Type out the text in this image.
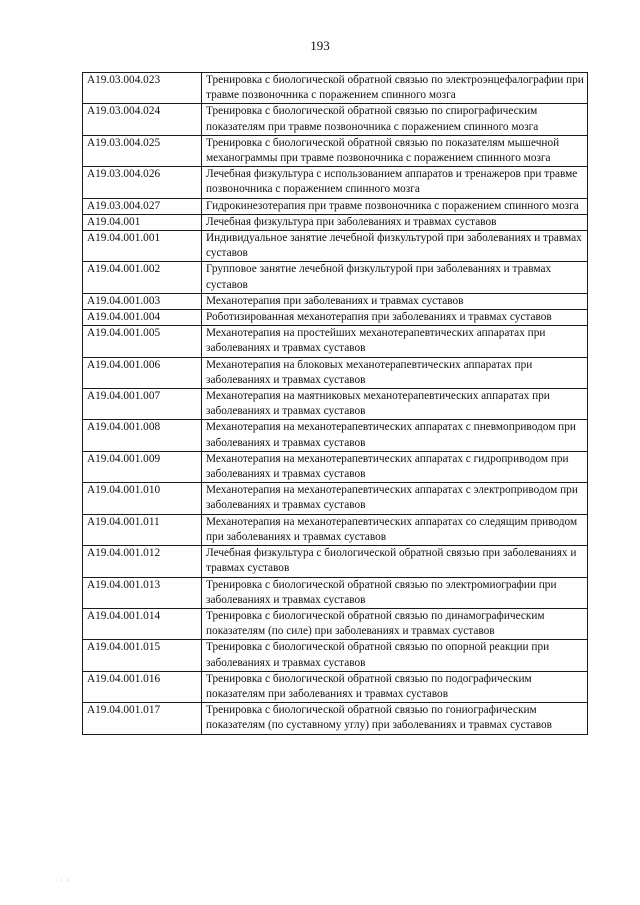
193
A19.03.004.023	Тренировка с биологической обратной связью по электроэнцефалографии при травме позвоночника с поражением спинного мозга
A19.03.004.024	Тренировка с биологической обратной связью по спирографическим показателям при травме позвоночника с поражением спинного мозга
A19.03.004.025	Тренировка с биологической обратной связью по показателям мышечной механограммы при травме позвоночника с поражением спинного мозга
A19.03.004.026	Лечебная физкультура с использованием аппаратов и тренажеров при травме позвоночника с поражением спинного мозга
A19.03.004.027	Гидрокинезотерапия при травме позвоночника с поражением спинного мозга
A19.04.001	Лечебная физкультура при заболеваниях и травмах суставов
A19.04.001.001	Индивидуальное занятие лечебной физкультурой при заболеваниях и травмах суставов
A19.04.001.002	Групповое занятие лечебной физкультурой при заболеваниях и травмах суставов
A19.04.001.003	Механотерапия при заболеваниях и травмах суставов
A19.04.001.004	Роботизированная механотерапия при заболеваниях и травмах суставов
A19.04.001.005	Механотерапия на простейших механотерапевтических аппаратах при заболеваниях и травмах суставов
A19.04.001.006	Механотерапия на блоковых механотерапевтических аппаратах при заболеваниях и травмах суставов
A19.04.001.007	Механотерапия на маятниковых механотерапевтических аппаратах при заболеваниях и травмах суставов
A19.04.001.008	Механотерапия на механотерапевтических аппаратах с пневмоприводом при заболеваниях и травмах суставов
A19.04.001.009	Механотерапия на механотерапевтических аппаратах с гидроприводом при заболеваниях и травмах суставов
A19.04.001.010	Механотерапия на механотерапевтических аппаратах с электроприводом при заболеваниях и травмах суставов
A19.04.001.011	Механотерапия на механотерапевтических аппаратах со следящим приводом при заболеваниях и травмах суставов
A19.04.001.012	Лечебная физкультура с биологической обратной связью при заболеваниях и травмах суставов
A19.04.001.013	Тренировка с биологической обратной связью по электромиографии при заболеваниях и травмах суставов
A19.04.001.014	Тренировка с биологической обратной связью по динамографическим показателям (по силе) при заболеваниях и травмах суставов
A19.04.001.015	Тренировка с биологической обратной связью по опорной реакции при заболеваниях и травмах суставов
A19.04.001.016	Тренировка с биологической обратной связью по подографическим показателям при заболеваниях и травмах суставов
A19.04.001.017	Тренировка с биологической обратной связью по гониографическим показателям (по суставному углу) при заболеваниях и травмах суставов
· ·
